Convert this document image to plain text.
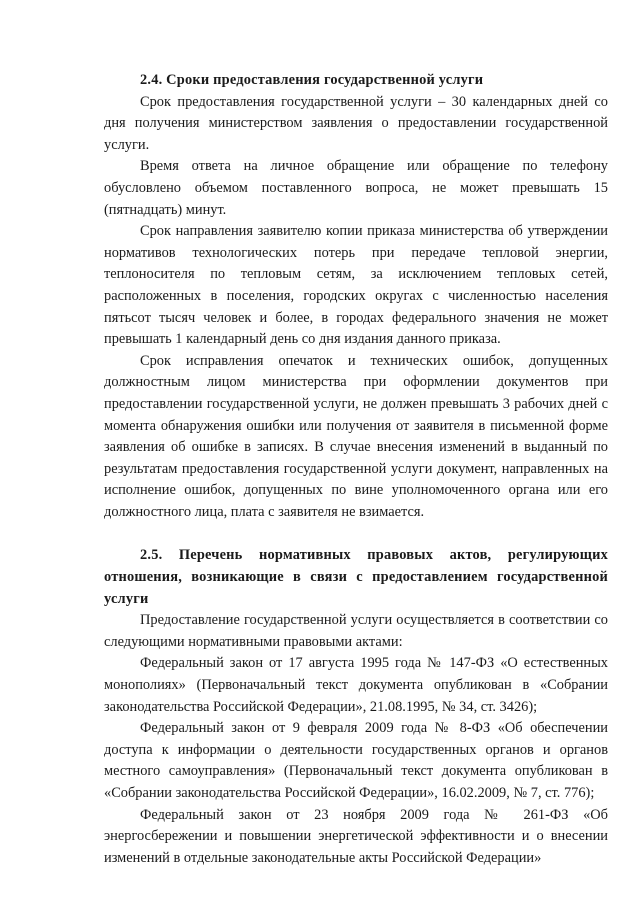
2.4. Сроки предоставления государственной услуги

Срок предоставления государственной услуги – 30 календарных дней со дня получения министерством заявления о предоставлении государственной услуги.

Время ответа на личное обращение или обращение по телефону обусловлено объемом поставленного вопроса, не может превышать 15 (пятнадцать) минут.

Срок направления заявителю копии приказа министерства об утверждении нормативов технологических потерь при передаче тепловой энергии, теплоносителя по тепловым сетям, за исключением тепловых сетей, расположенных в поселения, городских округах с численностью населения пятьсот тысяч человек и более, в городах федерального значения не может превышать 1 календарный день со дня издания данного приказа.

Срок исправления опечаток и технических ошибок, допущенных должностным лицом министерства при оформлении документов при предоставлении государственной услуги, не должен превышать 3 рабочих дней с момента обнаружения ошибки или получения от заявителя в письменной форме заявления об ошибке в записях. В случае внесения изменений в выданный по результатам предоставления государственной услуги документ, направленных на исполнение ошибок, допущенных по вине уполномоченного органа или его должностного лица, плата с заявителя не взимается.

2.5. Перечень нормативных правовых актов, регулирующих отношения, возникающие в связи с предоставлением государственной услуги

Предоставление государственной услуги осуществляется в соответствии со следующими нормативными правовыми актами:

Федеральный закон от 17 августа 1995 года № 147-ФЗ «О естественных монополиях» (Первоначальный текст документа опубликован в «Собрании законодательства Российской Федерации», 21.08.1995, № 34, ст. 3426);

Федеральный закон от 9 февраля 2009 года № 8-ФЗ «Об обеспечении доступа к информации о деятельности государственных органов и органов местного самоуправления» (Первоначальный текст документа опубликован в «Собрании законодательства Российской Федерации», 16.02.2009, № 7, ст. 776);

Федеральный закон от 23 ноября 2009 года № 261-ФЗ «Об энергосбережении и повышении энергетической эффективности и о внесении изменений в отдельные законодательные акты Российской Федерации»
